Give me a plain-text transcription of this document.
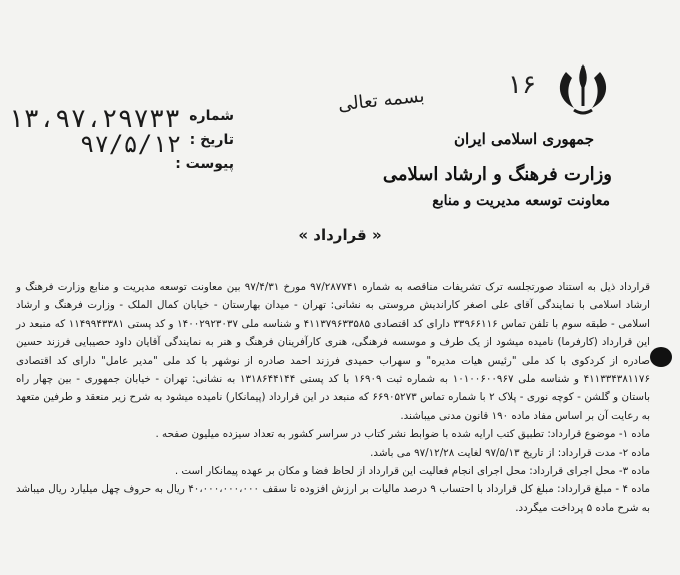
۱۶
جمهوری اسلامی ایران
وزارت فرهنگ و ارشاد اسلامی
معاونت توسعه مدیریت و منابع
بسمه تعالی
شماره
تاریخ :
پیوست :
۱۳،۹۷،۲۹۷۳۳
۹۷/۵/۱۲
« قرارداد »

قرارداد ذیل به استناد صورتجلسه ترک تشریفات مناقصه به شماره ۹۷/۲۸۷۷۴۱ مورخ ۹۷/۴/۳۱ بین معاونت توسعه مدیریت و منابع وزارت فرهنگ و ارشاد اسلامی با نمایندگی آقای علی اصغر کاراندیش مروستی به نشانی: تهران - میدان بهارستان - خیابان کمال الملک - وزارت فرهنگ و ارشاد اسلامی - طبقه سوم با تلفن تماس ۳۳۹۶۶۱۱۶ دارای کد اقتصادی ۴۱۱۳۷۹۶۳۳۵۸۵ و شناسه ملی ۱۴۰۰۲۹۲۳۰۳۷ و کد پستی ۱۱۴۹۹۴۳۳۸۱ که منبعد در این قرارداد (کارفرما) نامیده میشود از یک طرف و موسسه فرهنگی، هنری کارآفرینان فرهنگ و هنر به نمایندگی آقایان داود حصیبایی فرزند حسین صادره از کردکوی با کد ملی "رئیس هیات مدیره" و سهراب حمیدی فرزند احمد صادره از نوشهر با کد ملی "مدیر عامل" دارای کد اقتصادی ۴۱۱۳۳۴۳۸۱۱۷۶ و شناسه ملی ۱۰۱۰۰۶۰۰۹۶۷ به شماره ثبت ۱۶۹۰۹ با کد پستی ۱۳۱۸۶۴۴۱۴۴ به نشانی: تهران - خیابان جمهوری - بین چهار راه باستان و گلشن - کوچه نوری - پلاک ۲ با شماره تماس ۶۶۹۰۵۲۷۳ که منبعد در این قرارداد (پیمانکار) نامیده میشود به شرح زیر منعقد و طرفین متعهد به رعایت آن بر اساس مفاد ماده ۱۹۰ قانون مدنی میباشند.

ماده ۱- موضوع قرارداد: تطبیق کتب ارایه شده با ضوابط نشر کتاب در سراسر کشور به تعداد سیزده میلیون صفحه .

ماده ۲- مدت قرارداد: از تاریخ ۹۷/۵/۱۳ لغایت ۹۷/۱۲/۲۸ می باشد.

ماده ۳- محل اجرای قرارداد: محل اجرای انجام فعالیت این قرارداد از لحاظ فضا و مکان بر عهده پیمانکار است .

ماده ۴ - مبلغ قرارداد: مبلغ کل قرارداد با احتساب ۹ درصد مالیات بر ارزش افزوده تا سقف ۴۰،۰۰۰،۰۰۰،۰۰۰ ریال به حروف چهل میلیارد ریال میباشد به شرح ماده ۵ پرداخت میگردد.
